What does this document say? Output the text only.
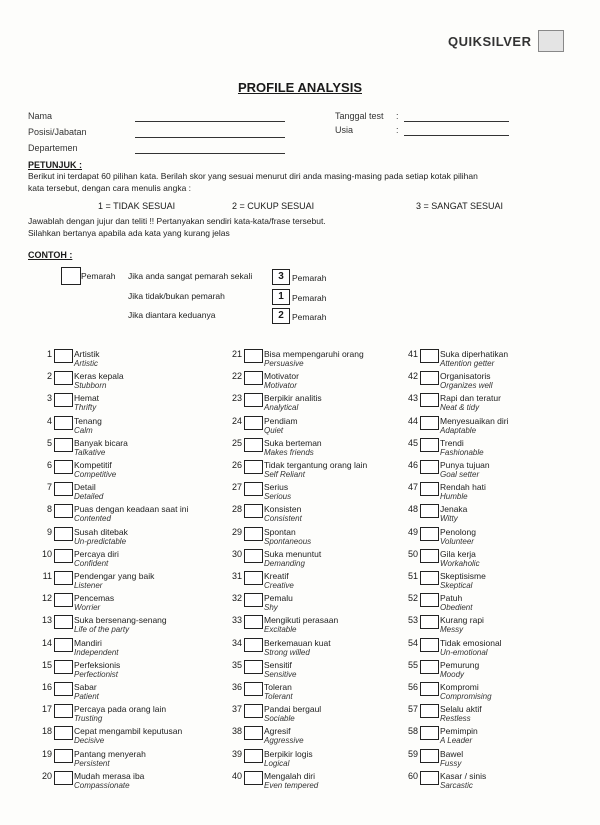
QUIKSILVER
PROFILE ANALYSIS
Nama
Posisi/Jabatan
Departemen
Tanggal test :
Usia	:
PETUNJUK :
Berikut ini terdapat 60 pilihan kata. Berilah skor yang sesuai menurut diri anda masing-masing pada setiap kotak pilihan
kata tersebut, dengan cara menulis angka :
1 = TIDAK SESUAI	2 = CUKUP SESUAI	3 = SANGAT SESUAI
Jawablah dengan jujur dan teliti !! Pertanyakan sendiri kata-kata/frase tersebut.
Silahkan bertanya apabila ada kata yang kurang jelas
CONTOH :
Pemarah Jika anda sangat pemarah sekali	3 Pemarah
Jika tidak/bukan pemarah	1 Pemarah
Jika diantara keduanya	2 Pemarah
1	Artistik
Artistic
2	Keras kepala
Stubborn
3	Hemat
Thrifty
4	Tenang
Calm
5	Banyak bicara
Talkative
6	Kompetitif
Competitive
7	Detail
Detailed
8	Puas dengan keadaan saat ini
Contented
9	Susah ditebak
Un-predictable
10	Percaya diri
Confident
11	Pendengar yang baik
Listener
12	Pencemas
Worrier
13	Suka bersenang-senang
Life of the party
14	Mandiri
Independent
15	Perfeksionis
Perfectionist
16	Sabar
Patient
17	Percaya pada orang lain
Trusting
18	Cepat mengambil keputusan
Decisive
19	Pantang menyerah
Persistent
20	Mudah merasa iba
Compassionate
21	Bisa mempengaruhi orang
Persuasive
22	Motivator
Motivator
23	Berpikir analitis
Analytical
24	Pendiam
Quiet
25	Suka berteman
Makes friends
26	Tidak tergantung orang lain
Self Reliant
27	Serius
Serious
28	Konsisten
Consistent
29	Spontan
Spontaneous
30	Suka menuntut
Demanding
31	Kreatif
Creative
32	Pemalu
Shy
33	Mengikuti perasaan
Excitable
34	Berkemauan kuat
Strong willed
35	Sensitif
Sensitive
36	Toleran
Tolerant
37	Pandai bergaul
Sociable
38	Agresif
Aggressive
39	Berpikir logis
Logical
40	Mengalah diri
Even tempered
41	Suka diperhatikan
Attention getter
42	Organisatoris
Organizes well
43	Rapi dan teratur
Neat & tidy
44	Menyesuaikan diri
Adaptable
45	Trendi
Fashionable
46	Punya tujuan
Goal setter
47	Rendah hati
Humble
48	Jenaka
Witty
49	Penolong
Volunteer
50	Gila kerja
Workaholic
51	Skeptisisme
Skeptical
52	Patuh
Obedient
53	Kurang rapi
Messy
54	Tidak emosional
Un-emotional
55	Pemurung
Moody
56	Kompromi
Compromising
57	Selalu aktif
Restless
58	Pemimpin
A Leader
59	Bawel
Fussy
60	Kasar / sinis
Sarcastic
